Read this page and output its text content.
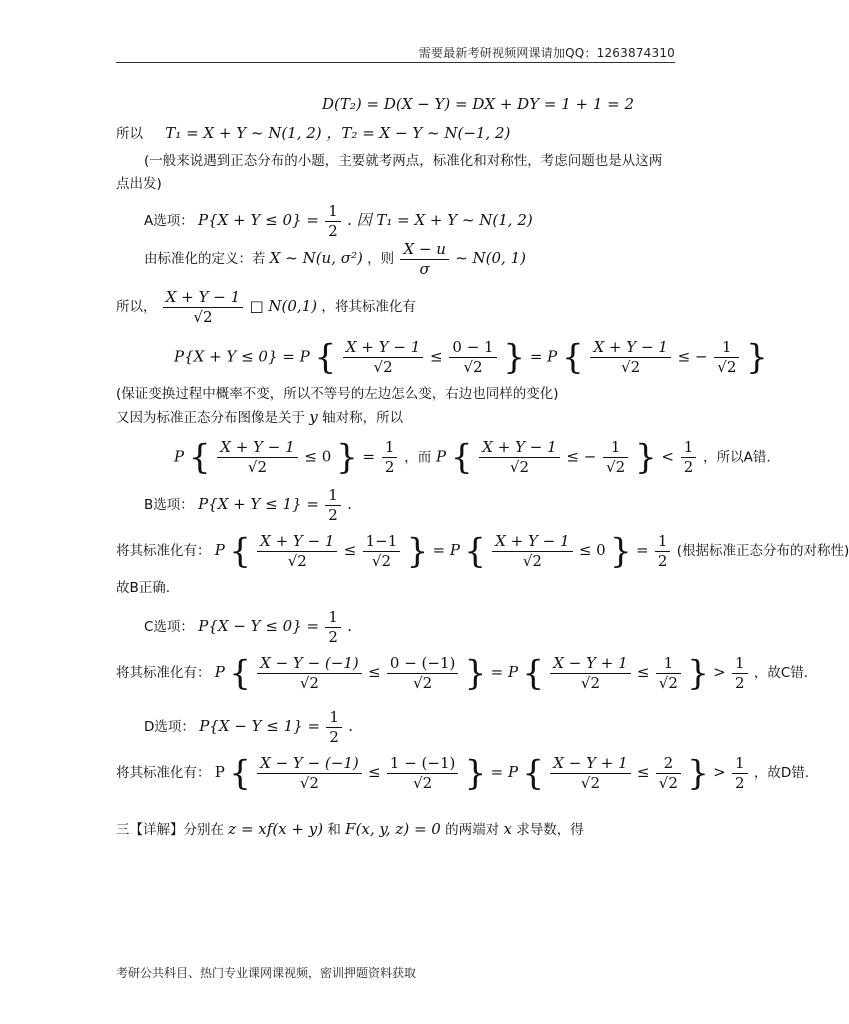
需要最新考研视频网课请加QQ：1263874310
D(T₂) = D(X − Y) = DX + DY = 1 + 1 = 2
所以 T₁ = X + Y ~ N(1, 2) ，T₂ = X − Y ~ N(−1, 2)
(一般来说遇到正态分布的小题，主要就考两点，标准化和对称性，考虑问题也是从这两
点出发)
A选项： $P\{X + Y \le 0\} = \frac{1}{2}$ . 因 T₁ = X + Y ~ N(1, 2)
由标准化的定义：若 X ~ N(u, σ²) ，则 $\frac{X - u}{\sigma}$ ~ N(0, 1)
所以， $\frac{X + Y - 1}{√2}$ □ N(0,1) ，将其标准化有
P{X + Y ≤ 0} = P { $\frac{X + Y - 1}{√2} \le \frac{0 - 1}{√2}$ } = P { $\frac{X + Y - 1}{√2}$ ≤ − $\frac{1}{√2}$ }
(保证变换过程中概率不变，所以不等号的左边怎么变，右边也同样的变化)
又因为标准正态分布图像是关于 y 轴对称，所以
P { $\frac{X + Y - 1}{√2} \le 0$ } = $\frac{1}{2}$ ，而 P { $\frac{X + Y - 1}{√2}$ ≤ − $\frac{1}{√2}$ } < $\frac{1}{2}$ ，所以A错.
B选项： $P\{X + Y \le 1\} = \frac{1}{2}$ .
将其标准化有： P { $\frac{X + Y - 1}{√2} \le \frac{1-1}{√2}$ } = P { $\frac{X + Y - 1}{√2} \le 0$ } = $\frac{1}{2}$ (根据标准正态分布的对称性)
故B正确.
C选项： $P\{X - Y \le 0\} = \frac{1}{2}$ .
将其标准化有： P { $\frac{X - Y - (-1)}{√2} \le \frac{0 - (-1)}{√2}$ } = P { $\frac{X - Y + 1}{√2} \le \frac{1}{√2}$ } > $\frac{1}{2}$ ，故C错.
D选项： $P\{X - Y \le 1\} = \frac{1}{2}$ .
将其标准化有： P { $\frac{X - Y - (-1)}{√2} \le \frac{1 - (-1)}{√2}$ } = P { $\frac{X - Y + 1}{√2} \le \frac{2}{√2}$ } > $\frac{1}{2}$ ，故D错.
三【详解】分别在 z = xf(x + y) 和 F(x, y, z) = 0 的两端对 x 求导数，得
考研公共科目、热门专业课网课视频，密训押题资料获取
